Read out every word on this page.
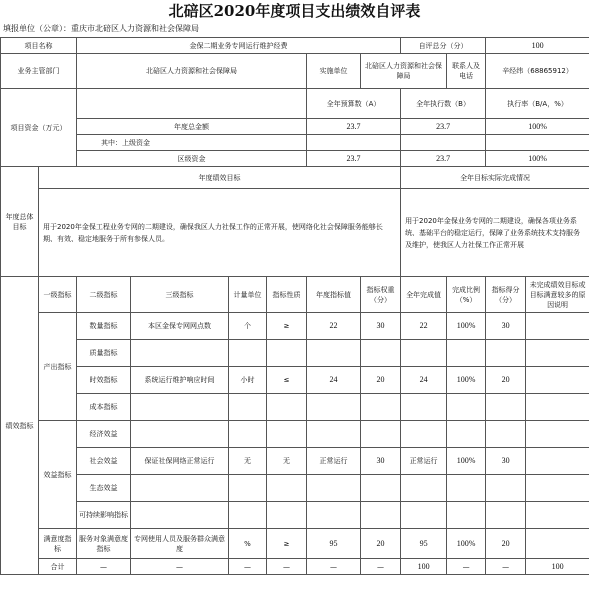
北碚区2020年度项目支出绩效自评表
填报单位（公章）：重庆市北碚区人力资源和社会保障局
项目名称		金保二期业务专网运行维护经费						自评总分（分）		100		
业务主管部门		北碚区人力资源和社会保障局				实施单位	北碚区人力资源和社会保障局		联系人及电话	辛经纬（68865912）		
项目资金（万元）						全年预算数（A）		全年执行数（B）		执行率（B/A，%）		
		年度总金额				23.7		23.7		100%		
		其中：上级资金										
		区级资金				23.7		23.7		100%		
年度总体目标	年度绩效目标							全年目标实际完成情况				
	用于2020年金保工程业务专网的二期建设，确保我区人力社保工作的正常开展，使网络化社会保障服务能够长期、有效、稳定地服务于所有参保人员。							用于2020年金保业务专网的二期建设，确保各项业务系统、基础平台的稳定运行，保障了业务系统技术支持服务及维护，使我区人力社保工作正常开展				
绩效指标	一级指标	二级指标	三级指标	计量单位	指标性质	年度指标值	指标权重（分）	全年完成值	完成比例（%）	指标得分（分）	未完成绩效目标或目标满意较多的原因说明	
	产出指标	数量指标	本区金保专网网点数	个	≥	22	30	22	100%	30		
		质量指标										
		时效指标	系统运行维护响应时间	小时	≤	24	20	24	100%	20		
		成本指标										
	效益指标	经济效益										
		社会效益	保证社保网络正常运行	无	无	正常运行	30	正常运行	100%	30		
		生态效益										
		可持续影响指标										
	满意度指标	服务对象满意度指标	专网使用人员及服务群众满意度	%	≥	95	20	95	100%	20		
	合计	—	—	—	—	—	—	100	—	—	100	
